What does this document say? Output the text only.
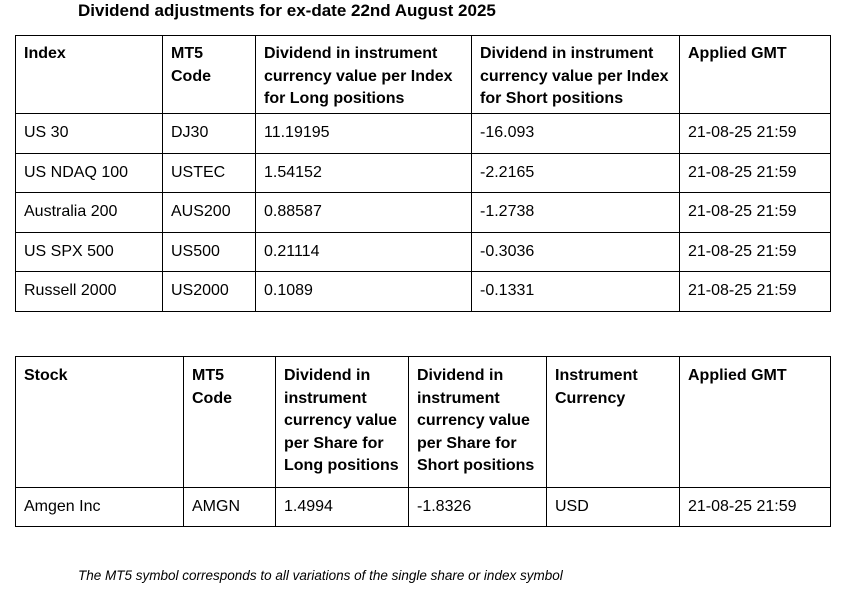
Dividend adjustments for ex-date 22nd August 2025
Index	MT5 Code	Dividend in instrument currency value per Index for Long positions	Dividend in instrument currency value per Index for Short positions	Applied GMT
US 30	DJ30	11.19195	-16.093	21-08-25 21:59
US NDAQ 100	USTEC	1.54152	-2.2165	21-08-25 21:59
Australia 200	AUS200	0.88587	-1.2738	21-08-25 21:59
US SPX 500	US500	0.21114	-0.3036	21-08-25 21:59
Russell 2000	US2000	0.1089	-0.1331	21-08-25 21:59
Stock	MT5 Code	Dividend in instrument currency value per Share for Long positions	Dividend in instrument currency value per Share for Short positions	Instrument Currency	Applied GMT
Amgen Inc	AMGN	1.4994	-1.8326	USD	21-08-25 21:59
The MT5 symbol corresponds to all variations of the single share or index symbol
